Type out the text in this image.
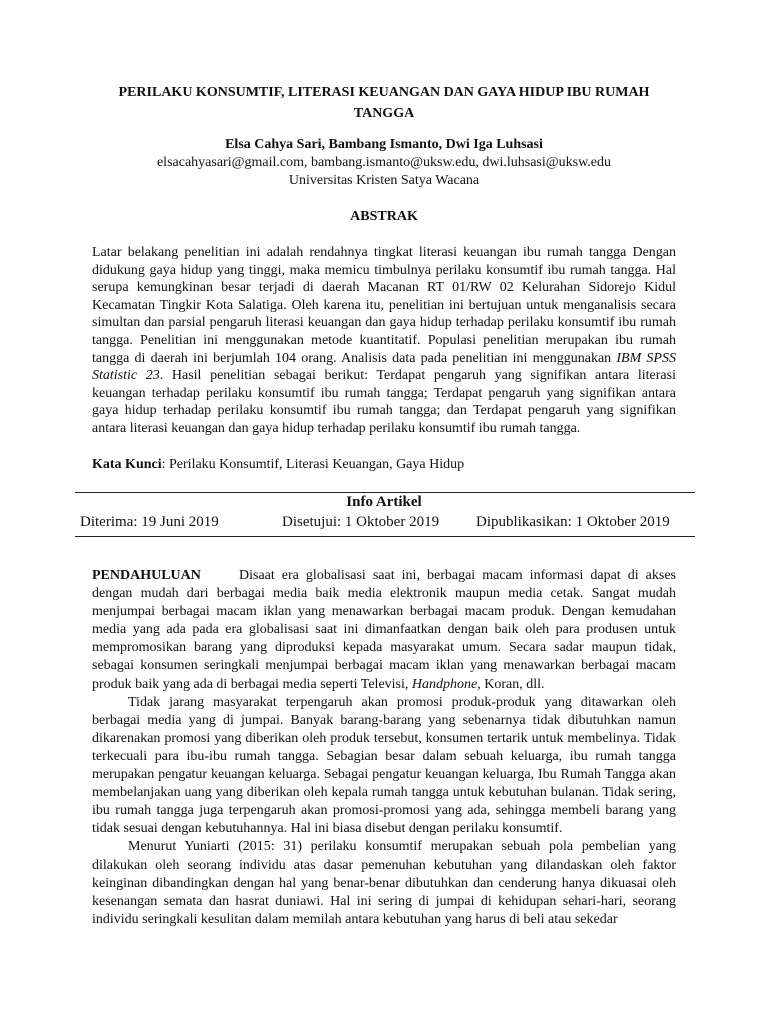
PERILAKU KONSUMTIF, LITERASI KEUANGAN DAN GAYA HIDUP IBU RUMAH TANGGA
Elsa Cahya Sari, Bambang Ismanto, Dwi Iga Luhsasi
elsacahyasari@gmail.com, bambang.ismanto@uksw.edu, dwi.luhsasi@uksw.edu
Universitas Kristen Satya Wacana
ABSTRAK

Latar belakang penelitian ini adalah rendahnya tingkat literasi keuangan ibu rumah tangga Dengan didukung gaya hidup yang tinggi, maka memicu timbulnya perilaku konsumtif ibu rumah tangga. Hal serupa kemungkinan besar terjadi di daerah Macanan RT 01/RW 02 Kelurahan Sidorejo Kidul Kecamatan Tingkir Kota Salatiga. Oleh karena itu, penelitian ini bertujuan untuk menganalisis secara simultan dan parsial pengaruh literasi keuangan dan gaya hidup terhadap perilaku konsumtif ibu rumah tangga. Penelitian ini menggunakan metode kuantitatif. Populasi penelitian merupakan ibu rumah tangga di daerah ini berjumlah 104 orang. Analisis data pada penelitian ini menggunakan IBM SPSS Statistic 23. Hasil penelitian sebagai berikut: Terdapat pengaruh yang signifikan antara literasi keuangan terhadap perilaku konsumtif ibu rumah tangga; Terdapat pengaruh yang signifikan antara gaya hidup terhadap perilaku konsumtif ibu rumah tangga; dan Terdapat pengaruh yang signifikan antara literasi keuangan dan gaya hidup terhadap perilaku konsumtif ibu rumah tangga.

Kata Kunci: Perilaku Konsumtif, Literasi Keuangan, Gaya Hidup
Info Artikel
Diterima: 19 Juni 2019	Disetujui: 1 Oktober 2019 Dipublikasikan: 1 Oktober 2019
PENDAHULUAN	Disaat era globalisasi saat ini, berbagai macam informasi dapat di akses dengan mudah dari berbagai media baik media elektronik maupun media cetak. Sangat mudah menjumpai berbagai macam iklan yang menawarkan berbagai macam produk. Dengan kemudahan media yang ada pada era globalisasi saat ini dimanfaatkan dengan baik oleh para produsen untuk mempromosikan barang yang diproduksi kepada masyarakat umum. Secara sadar maupun tidak, sebagai konsumen seringkali menjumpai berbagai macam iklan yang menawarkan berbagai macam produk baik yang ada di berbagai media seperti Televisi, Handphone, Koran, dll.

Tidak jarang masyarakat terpengaruh akan promosi produk-produk yang ditawarkan oleh berbagai media yang di jumpai. Banyak barang-barang yang sebenarnya tidak dibutuhkan namun dikarenakan promosi yang diberikan oleh produk tersebut, konsumen tertarik untuk membelinya. Tidak terkecuali para ibu-ibu rumah tangga. Sebagian besar dalam sebuah keluarga, ibu rumah tangga merupakan pengatur keuangan keluarga. Sebagai pengatur keuangan keluarga, Ibu Rumah Tangga akan membelanjakan uang yang diberikan oleh kepala rumah tangga untuk kebutuhan bulanan. Tidak sering, ibu rumah tangga juga terpengaruh akan promosi-promosi yang ada, sehingga membeli barang yang tidak sesuai dengan kebutuhannya. Hal ini biasa disebut dengan perilaku konsumtif.

Menurut Yuniarti (2015: 31) perilaku konsumtif merupakan sebuah pola pembelian yang dilakukan oleh seorang individu atas dasar pemenuhan kebutuhan yang dilandaskan oleh faktor keinginan dibandingkan dengan hal yang benar-benar dibutuhkan dan cenderung hanya dikuasai oleh kesenangan semata dan hasrat duniawi. Hal ini sering di jumpai di kehidupan sehari-hari, seorang individu seringkali kesulitan dalam memilah antara kebutuhan yang harus di beli atau sekedar
